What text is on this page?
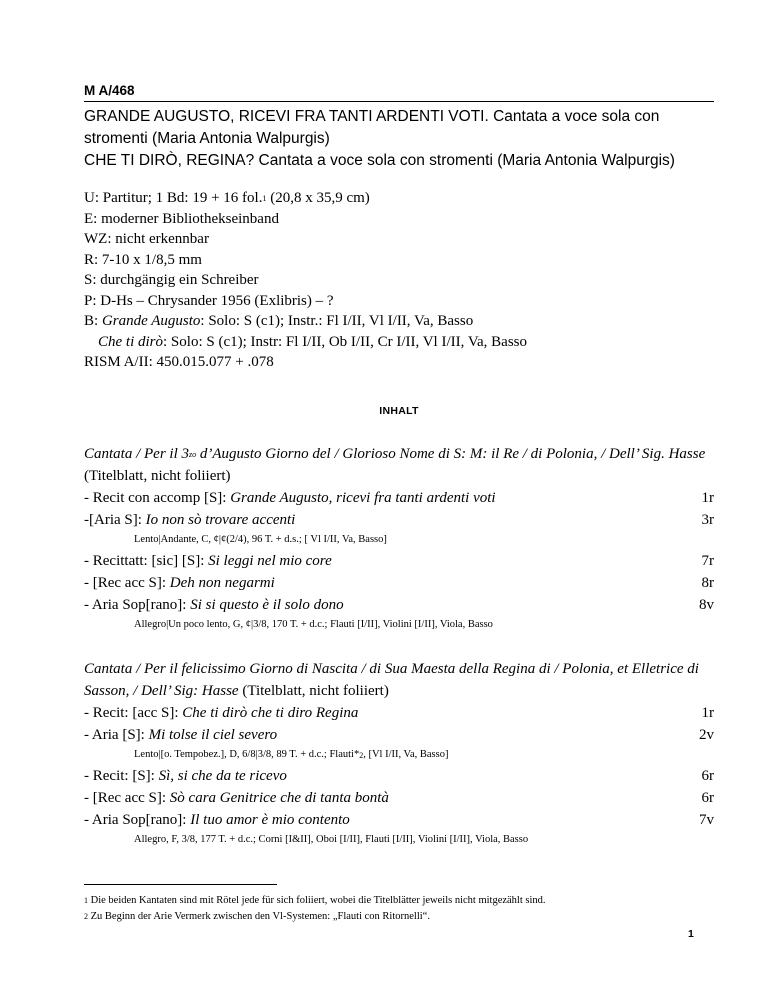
M A/468
GRANDE AUGUSTO, RICEVI FRA TANTI ARDENTI VOTI. Cantata a voce sola con stromenti (Maria Antonia Walpurgis)
CHE TI DIRÒ, REGINA? Cantata a voce sola con stromenti (Maria Antonia Walpurgis)
U: Partitur; 1 Bd: 19 + 16 fol.$^1$ (20,8 x 35,9 cm)
E: moderner Bibliothekseinband
WZ: nicht erkennbar
R: 7-10 x 1/8,5 mm
S: durchgängig ein Schreiber
P: D-Hs – Chrysander 1956 (Exlibris) – ?
B: Grande Augusto: Solo: S (c1); Instr.: Fl I/II, Vl I/II, Va, Basso
Che ti dirò: Solo: S (c1); Instr: Fl I/II, Ob I/II, Cr I/II, Vl I/II, Va, Basso
RISM A/II: 450.015.077 + .078
INHALT
Cantata / Per il $3^{zo}$ d’Augusto Giorno del / Glorioso Nome di S: M: il Re / di Polonia, / Dell’ Sig. Hasse (Titelblatt, nicht foliiert)
- Recit con accomp [S]: Grande Augusto, ricevi fra tanti ardenti voti	1r
-[Aria S]: Io non sò trovare accenti	3r
Lento|Andante, C, ¢|¢(2/4), 96 T. + d.s.; [ Vl I/II, Va, Basso]
- Recittatt: [sic] [S]: Si leggi nel mio core	7r
- [Rec acc S]: Deh non negarmi	8r
- Aria Sop[rano]: Si si questo è il solo dono	8v
Allegro|Un poco lento, G, ¢|3/8, 170 T. + d.c.; Flauti [I/II], Violini [I/II], Viola, Basso
Cantata / Per il felicissimo Giorno di Nascita / di Sua Maesta della Regina di / Polonia, et Elletrice di Sasson, / Dell’ Sig: Hasse (Titelblatt, nicht foliiert)
- Recit: [acc S]: Che ti dirò che ti diro Regina	1r
- Aria [S]: Mi tolse il ciel severo	2v
Lento|[o. Tempobez.], D, 6/8|3/8, 89 T. + d.c.; Flauti*$^2$, [Vl I/II, Va, Basso]
- Recit: [S]: Sì, si che da te ricevo	6r
- [Rec acc S]: Sò cara Genitrice che di tanta bontà	6r
- Aria Sop[rano]: Il tuo amor è mio contento	7v
Allegro, F, 3/8, 177 T. + d.c.; Corni [I&II], Oboi [I/II], Flauti [I/II], Violini [I/II], Viola, Basso
$^1$ Die beiden Kantaten sind mit Rötel jede für sich foliiert, wobei die Titelblätter jeweils nicht mitgezählt sind.
$^2$ Zu Beginn der Arie Vermerk zwischen den Vl-Systemen: „Flauti con Ritornelli“.
1
